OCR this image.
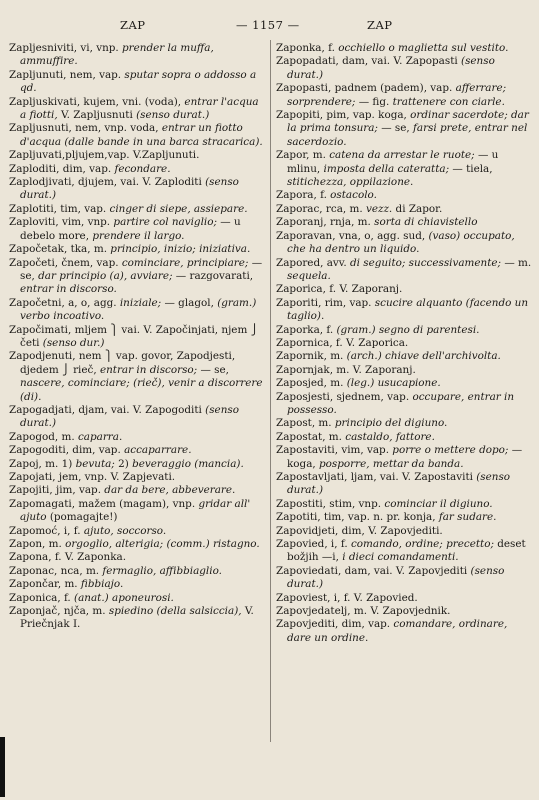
ZAP	— 1157 —	ZAP

Zapljesniviti, vi, vnp. prender la muffa, ammuffire.

Zapljunuti, nem, vap. sputar sopra o addosso a qd.

Zapljuskivati, kujem, vni. (voda), entrar l'acqua a fiotti, V. Zapljusnuti (senso durat.)

Zapljusnuti, nem, vnp. voda, entrar un fiotto d'acqua (dalle bande in una barca stracarica).

Zapljuvati,pljujem,vap. V.Zapljunuti.

Zaploditi, dim, vap. fecondare.

Zaplodjivati, djujem, vai. V. Zaploditi (senso durat.)

Zaplotiti, tim, vap. cinger di siepe, assiepare.

Zaploviti, vim, vnp. partire col naviglio; — u debelo more, prendere il largo.

Započetak, tka, m. principio, inizio; iniziativa.

Započeti, čnem, vap. cominciare, principiare; — se, dar principio (a), avviare; — razgovarati, entrar in discorso.

Započetni, a, o, agg. iniziale; — glagol, (gram.) verbo incoativo.

Započimati, mljem ⎫ vai. V. Započinjati, njem ⎭ četi (senso dur.)

Zapodjenuti, nem ⎫ vap. govor, Zapodjesti, djedem ⎭ rieč, entrar in discorso; — se, nascere, cominciare; (rieč), venir a discorrere (di).

Zapogadjati, djam, vai. V. Zapogoditi (senso durat.)

Zapogod, m. caparra.

Zapogoditi, dim, vap. accaparrare.

Zapoj, m. 1) bevuta; 2) beveraggio (mancia).

Zapojati, jem, vnp. V. Zapjevati.

Zapojiti, jim, vap. dar da bere, abbeverare.

Zapomagati, mažem (magam), vnp. gridar all' ajuto (pomagajte!)

Zapomoć, i, f. ajuto, soccorso.

Zapon, m. orgoglio, alterigia; (comm.) ristagno.

Zapona, f. V. Zaponka.

Zaponac, nca, m. fermaglio, affibbiaglio.

Zapončar, m. fibbiajo.

Zaponica, f. (anat.) aponeurosi.

Zaponjač, njča, m. spiedino (della salsiccia), V. Priečnjak I.

Zaponka, f. occhiello o maglietta sul vestito.

Zapopadati, dam, vai. V. Zapopasti (senso durat.)

Zapopasti, padnem (padem), vap. afferrare; sorprendere; — fig. trattenere con ciarle.

Zapopiti, pim, vap. koga, ordinar sacerdote; dar la prima tonsura; — se, farsi prete, entrar nel sacerdozio.

Zapor, m. catena da arrestar le ruote; — u mlinu, imposta della cateratta; — tiela, stitichezza, oppilazione.

Zapora, f. ostacolo.

Zaporac, rca, m. vezz. di Zapor.

Zaporanj, rnja, m. sorta di chiavistello

Zaporavan, vna, o, agg. sud, (vaso) occupato, che ha dentro un liquido.

Zapored, avv. di seguito; successivamente; — m. sequela.

Zaporica, f. V. Zaporanj.

Zaporiti, rim, vap. scucire alquanto (facendo un taglio).

Zaporka, f. (gram.) segno di parentesi.

Zapornica, f. V. Zaporica.

Zapornik, m. (arch.) chiave dell'archivolta.

Zapornjak, m. V. Zaporanj.

Zaposjed, m. (leg.) usucapione.

Zaposjesti, sjednem, vap. occupare, entrar in possesso.

Zapost, m. principio del digiuno.

Zapostat, m. castaldo, fattore.

Zapostaviti, vim, vap. porre o mettere dopo; — koga, posporre, mettar da banda.

Zapostavljati, ljam, vai. V. Zapostaviti (senso durat.)

Zapostiti, stim, vnp. cominciar il digiuno.

Zapotiti, tim, vap. n. pr. konja, far sudare.

Zapovidjeti, dim, V. Zapovjediti.

Zapovied, i, f. comando, ordine; precetto; deset božjih —i, i dieci comandamenti.

Zapoviedati, dam, vai. V. Zapovjediti (senso durat.)

Zapoviest, i, f. V. Zapovied.

Zapovjedatelj, m. V. Zapovjednik.

Zapovjediti, dim, vap. comandare, ordinare, dare un ordine.
